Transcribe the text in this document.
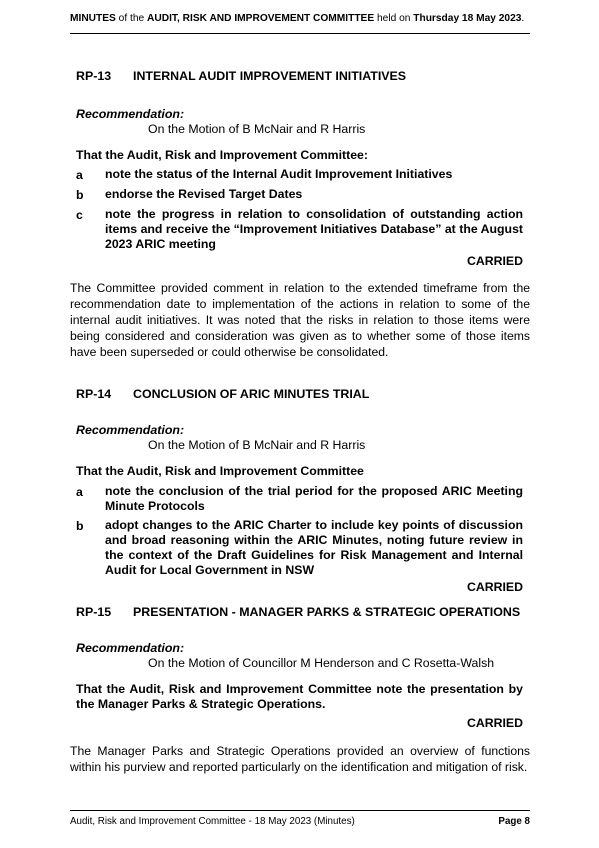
MINUTES of the AUDIT, RISK AND IMPROVEMENT COMMITTEE held on Thursday 18 May 2023.
RP-13 INTERNAL AUDIT IMPROVEMENT INITIATIVES
Recommendation:
On the Motion of B McNair and R Harris
That the Audit, Risk and Improvement Committee:
a	note the status of the Internal Audit Improvement Initiatives
b	endorse the Revised Target Dates
c	note the progress in relation to consolidation of outstanding action items and receive the “Improvement Initiatives Database” at the August 2023 ARIC meeting
CARRIED
The Committee provided comment in relation to the extended timeframe from the recommendation date to implementation of the actions in relation to some of the internal audit initiatives. It was noted that the risks in relation to those items were being considered and consideration was given as to whether some of those items have been superseded or could otherwise be consolidated.
RP-14 CONCLUSION OF ARIC MINUTES TRIAL
Recommendation:
On the Motion of B McNair and R Harris
That the Audit, Risk and Improvement Committee
a	note the conclusion of the trial period for the proposed ARIC Meeting Minute Protocols
b	adopt changes to the ARIC Charter to include key points of discussion and broad reasoning within the ARIC Minutes, noting future review in the context of the Draft Guidelines for Risk Management and Internal Audit for Local Government in NSW
CARRIED
RP-15 PRESENTATION - MANAGER PARKS & STRATEGIC OPERATIONS
Recommendation:
On the Motion of Councillor M Henderson and C Rosetta-Walsh
That the Audit, Risk and Improvement Committee note the presentation by the Manager Parks & Strategic Operations.
CARRIED
The Manager Parks and Strategic Operations provided an overview of functions within his purview and reported particularly on the identification and mitigation of risk.
Audit, Risk and Improvement Committee - 18 May 2023 (Minutes)	Page 8
